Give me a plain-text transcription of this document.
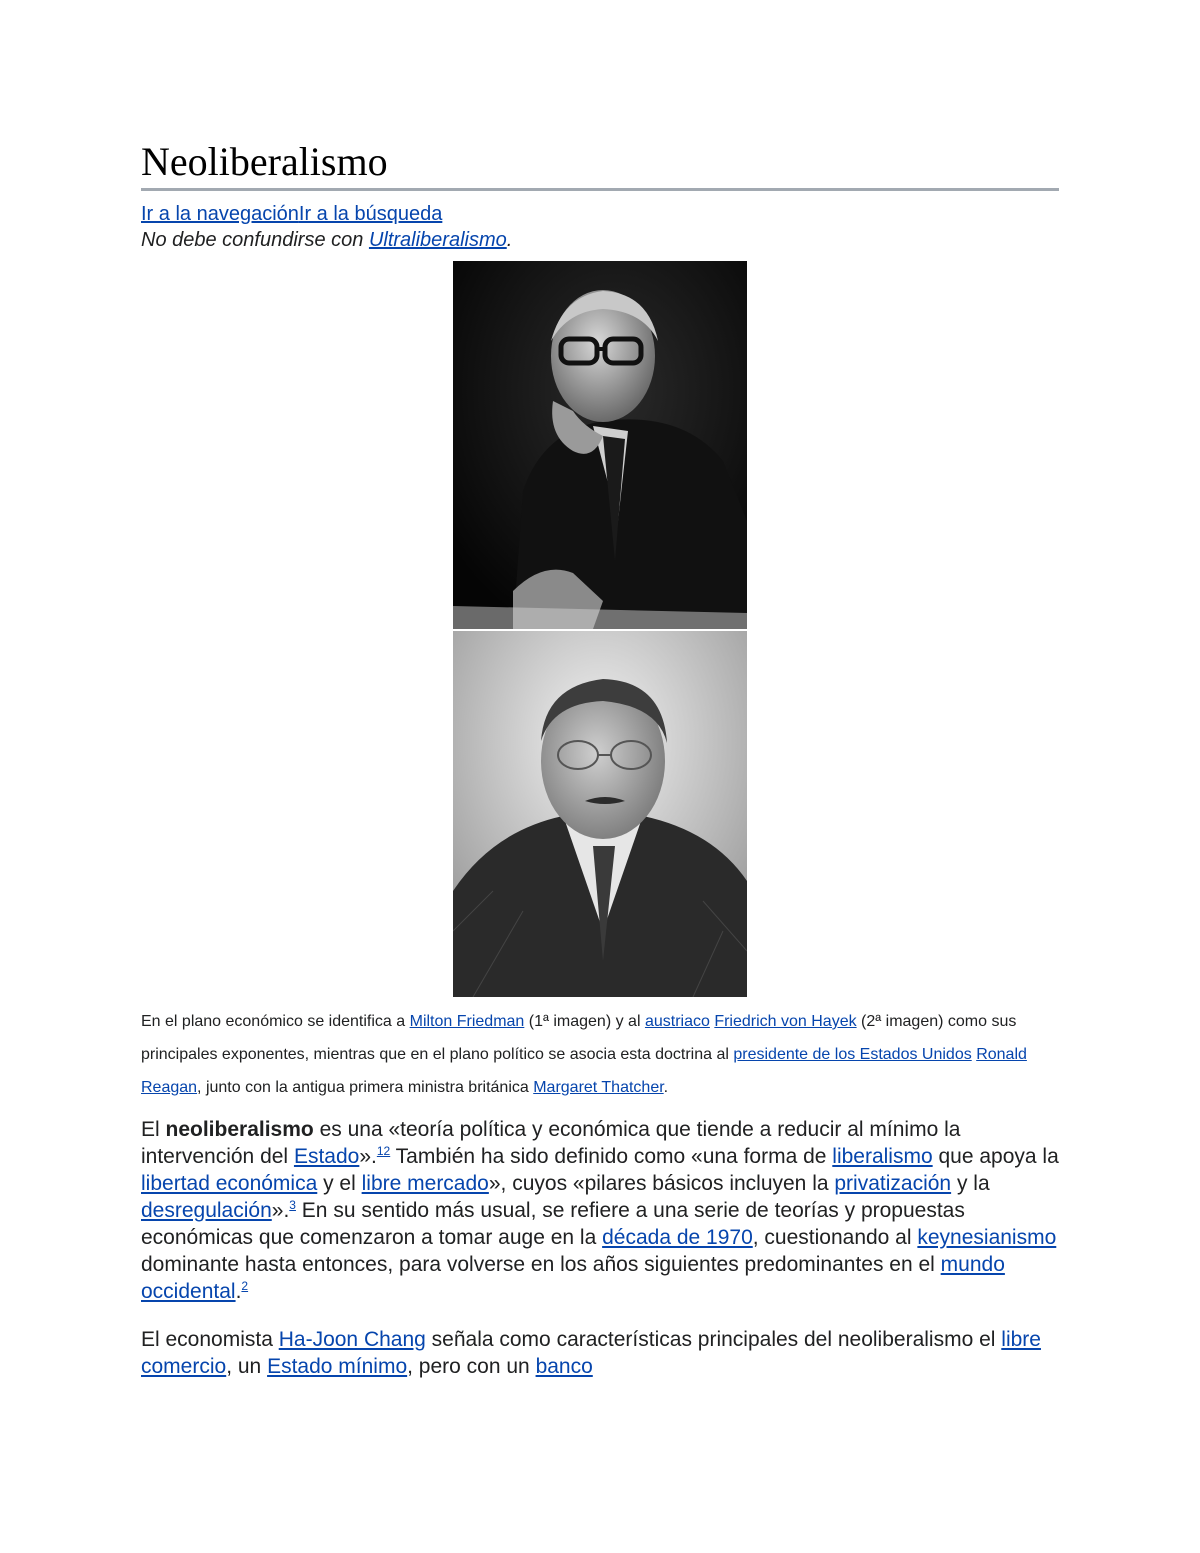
Neoliberalismo
Ir a la navegaciónIr a la búsqueda
No debe confundirse con Ultraliberalismo.
En el plano económico se identifica a Milton Friedman (1ª imagen) y al austriaco Friedrich von Hayek (2ª imagen) como sus principales exponentes, mientras que en el plano político se asocia esta doctrina al presidente de los Estados Unidos Ronald Reagan, junto con la antigua primera ministra británica Margaret Thatcher.

El neoliberalismo es una «teoría política y económica que tiende a reducir al mínimo la intervención del Estado».$^{12}$ También ha sido definido como «una forma de liberalismo que apoya la libertad económica y el libre mercado», cuyos «pilares básicos incluyen la privatización y la desregulación».$^3$ En su sentido más usual, se refiere a una serie de teorías y propuestas económicas que comenzaron a tomar auge en la década de 1970, cuestionando al keynesianismo dominante hasta entonces, para volverse en los años siguientes predominantes en el mundo occidental.$^2$

El economista Ha-Joon Chang señala como características principales del neoliberalismo el libre comercio, un Estado mínimo, pero con un banco
